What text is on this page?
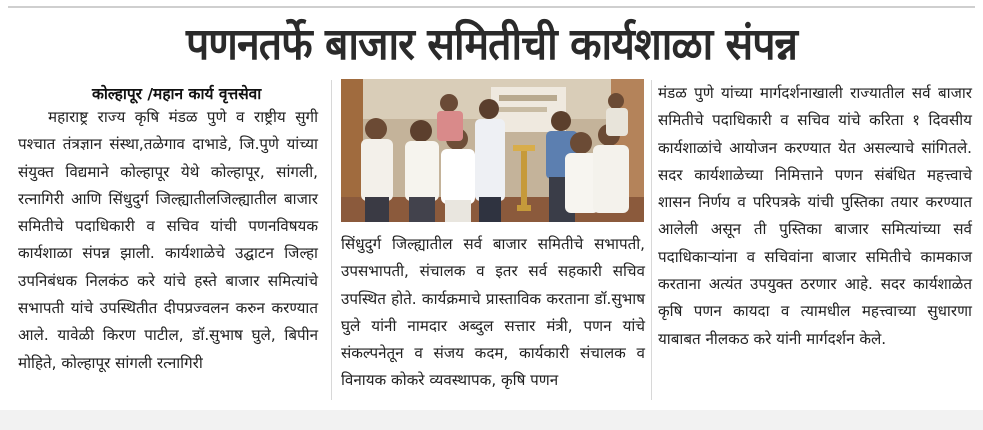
पणनतर्फे बाजार समितीची कार्यशाळा संपन्न
कोल्हापूर /महान कार्य वृत्तसेवा

महाराष्ट्र राज्य कृषि मंडळ पुणे व राष्ट्रीय सुगी पश्चात तंत्रज्ञान संस्था,तळेगाव दाभाडे, जि.पुणे यांच्या संयुक्त विद्यमाने कोल्हापूर येथे कोल्हापूर, सांगली, रत्नागिरी आणि सिंधुदुर्ग जिल्ह्यातीलजिल्ह्यातील बाजार समितीचे पदाधिकारी व सचिव यांची पणनविषयक कार्यशाळा संपन्न झाली. कार्यशाळेचे उद्घाटन जिल्हा उपनिबंधक निलकंठ करे यांचे हस्ते बाजार समित्यांचे सभापती यांचे उपस्थितीत दीपप्रज्वलन करुन करण्यात आले. यावेळी किरण पाटील, डॉ.सुभाष घुले, बिपीन मोहिते, कोल्हापूर सांगली रत्नागिरी

सिंधुदुर्ग जिल्ह्यातील सर्व बाजार समितीचे सभापती, उपसभापती, संचालक व इतर सर्व सहकारी सचिव उपस्थित होते. कार्यक्रमाचे प्रास्ताविक करताना डॉ.सुभाष घुले यांनी नामदार अब्दुल सत्तार मंत्री, पणन यांचे संकल्पनेतून व संजय कदम, कार्यकारी संचालक व विनायक कोकरे व्यवस्थापक, कृषि पणन

मंडळ पुणे यांच्या मार्गदर्शनाखाली राज्यातील सर्व बाजार समितीचे पदाधिकारी व सचिव यांचे करिता १ दिवसीय कार्यशाळांचे आयोजन करण्यात येत असल्याचे सांगितले. सदर कार्यशाळेच्या निमित्ताने पणन संबंधित महत्त्वाचे शासन निर्णय व परिपत्रके यांची पुस्तिका तयार करण्यात आलेली असून ती पुस्तिका बाजार समित्यांच्या सर्व पदाधिकाऱ्यांना व सचिवांना बाजार समितीचे कामकाज करताना अत्यंत उपयुक्त ठरणार आहे. सदर कार्यशाळेत कृषि पणन कायदा व त्यामधील महत्त्वाच्या सुधारणा याबाबत नीलकठ करे यांनी मार्गदर्शन केले.
